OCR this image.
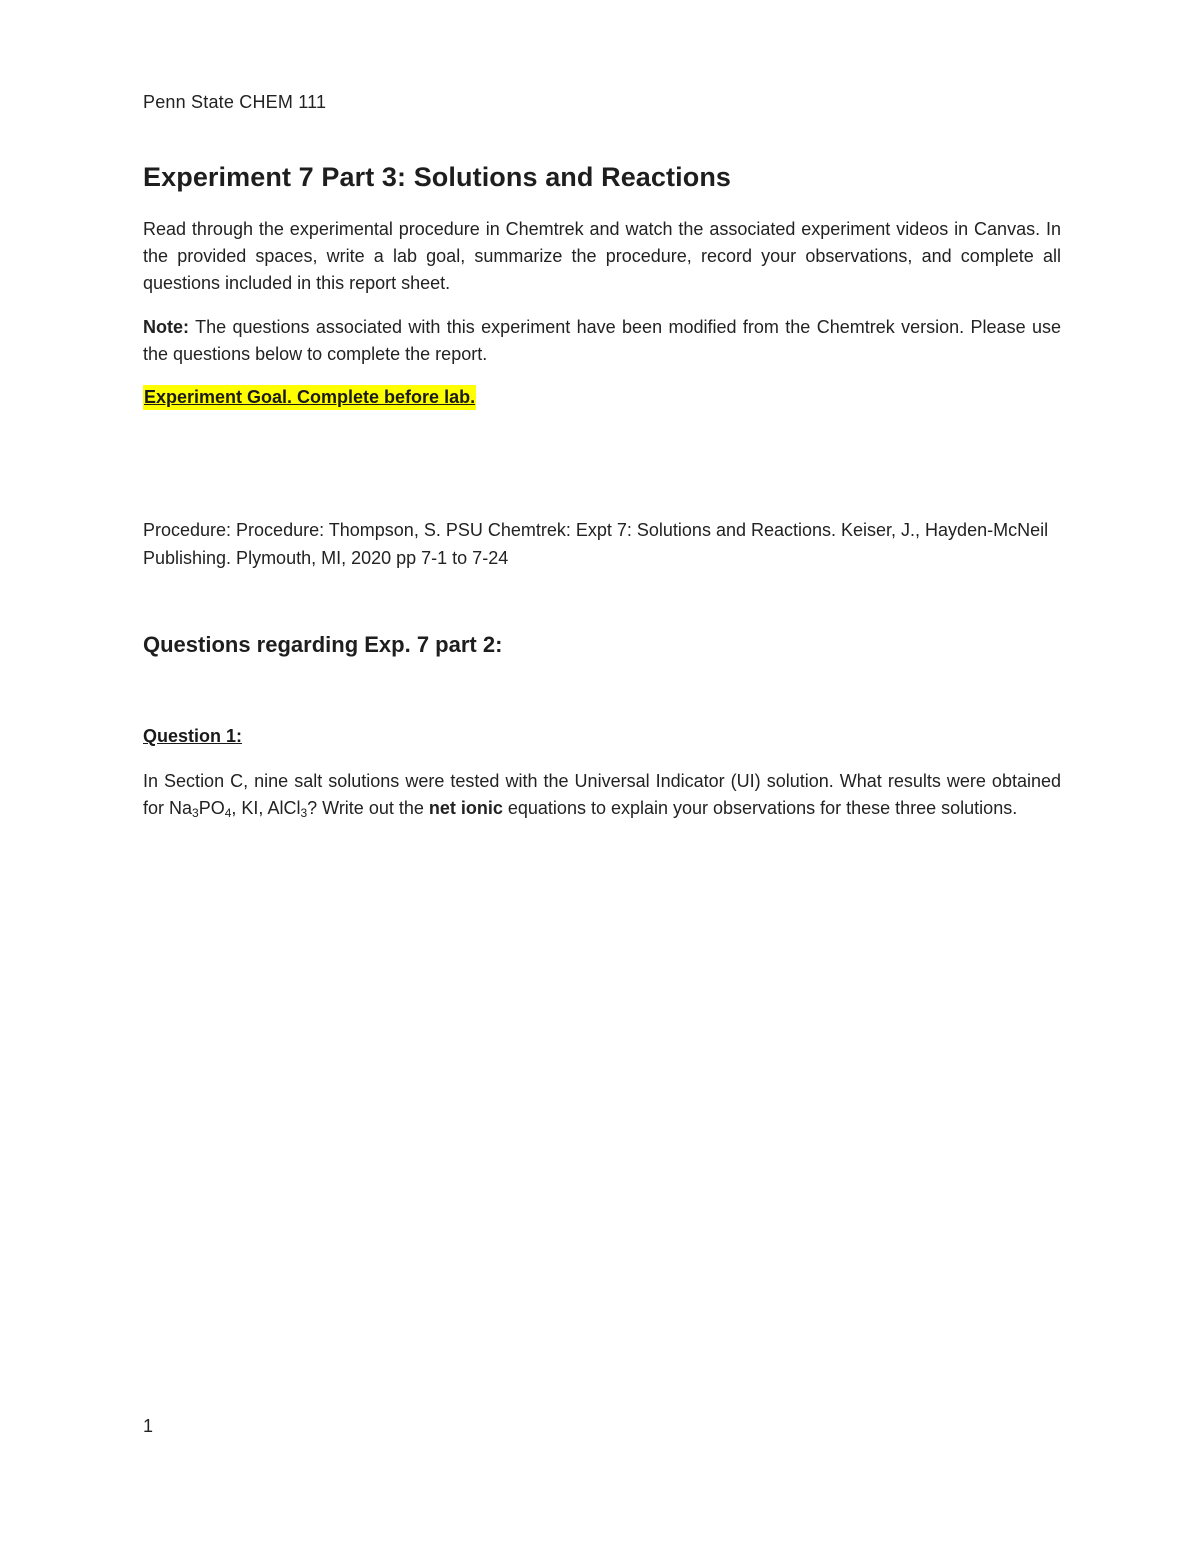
Penn State CHEM 111
Experiment 7 Part 3: Solutions and Reactions
Read through the experimental procedure in Chemtrek and watch the associated experiment videos in Canvas. In the provided spaces, write a lab goal, summarize the procedure, record your observations, and complete all questions included in this report sheet.
Note: The questions associated with this experiment have been modified from the Chemtrek version. Please use the questions below to complete the report.
Experiment Goal. Complete before lab.
Procedure: Procedure: Thompson, S. PSU Chemtrek: Expt 7: Solutions and Reactions. Keiser, J., Hayden-McNeil Publishing. Plymouth, MI, 2020 pp 7-1 to 7-24
Questions regarding Exp. 7 part 2:
Question 1:
In Section C, nine salt solutions were tested with the Universal Indicator (UI) solution. What results were obtained for $Na_3PO_4$, KI, AlCl$_3$? Write out the net ionic equations to explain your observations for these three solutions.
1
